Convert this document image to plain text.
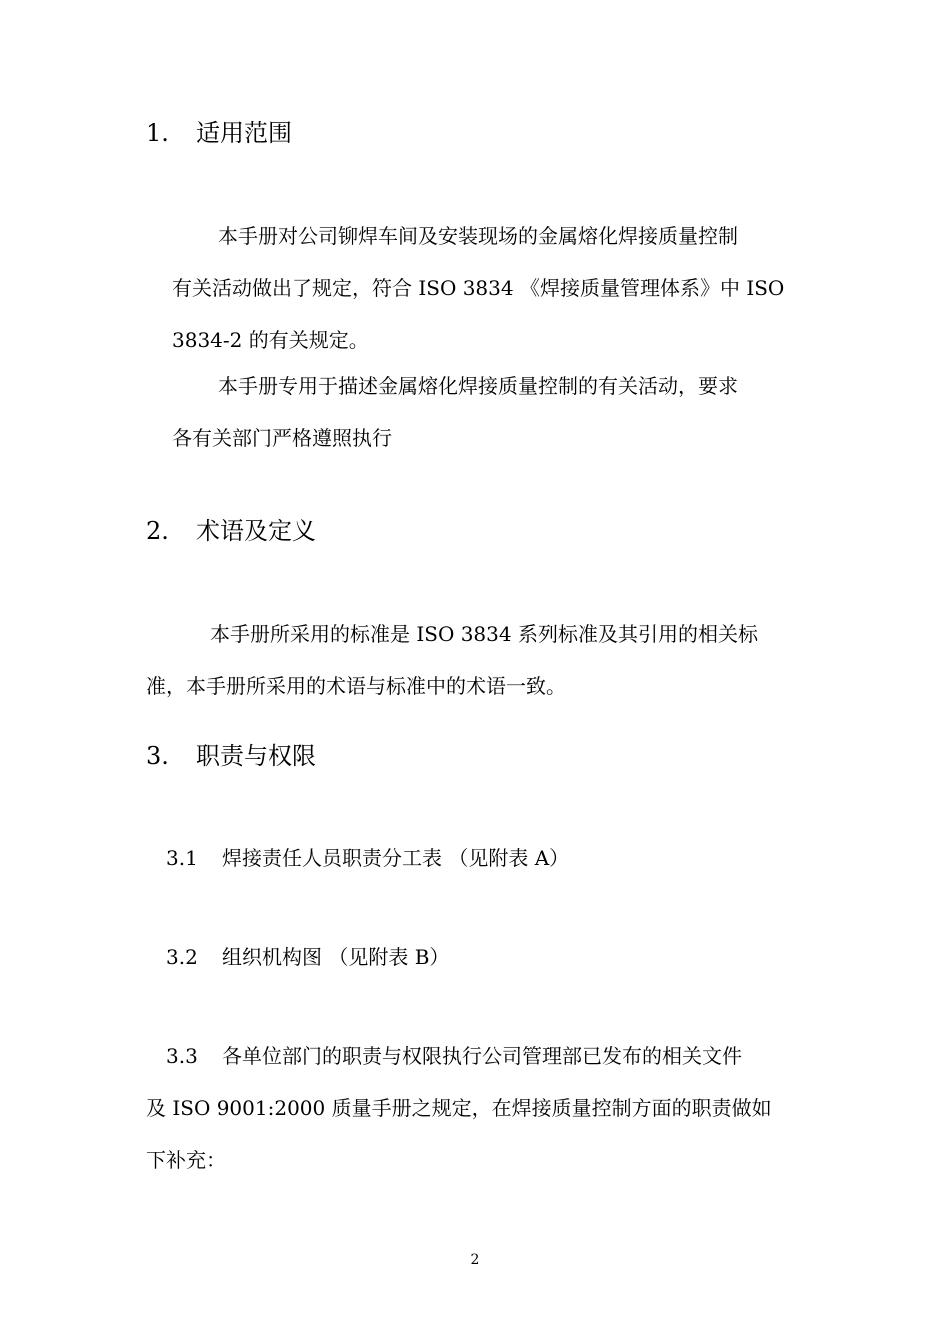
1. 适用范围
本手册对公司铆焊车间及安装现场的金属熔化焊接质量控制
有关活动做出了规定，符合 ISO 3834 《焊接质量管理体系》中 ISO
3834-2 的有关规定。
本手册专用于描述金属熔化焊接质量控制的有关活动，要求
各有关部门严格遵照执行
2. 术语及定义
本手册所采用的标准是 ISO 3834 系列标准及其引用的相关标
准，本手册所采用的术语与标准中的术语一致。
3. 职责与权限
3.1 焊接责任人员职责分工表 （见附表 A）
3.2 组织机构图 （见附表 B）
3.3 各单位部门的职责与权限执行公司管理部已发布的相关文件
及 ISO 9001:2000 质量手册之规定，在焊接质量控制方面的职责做如
下补充：
2
